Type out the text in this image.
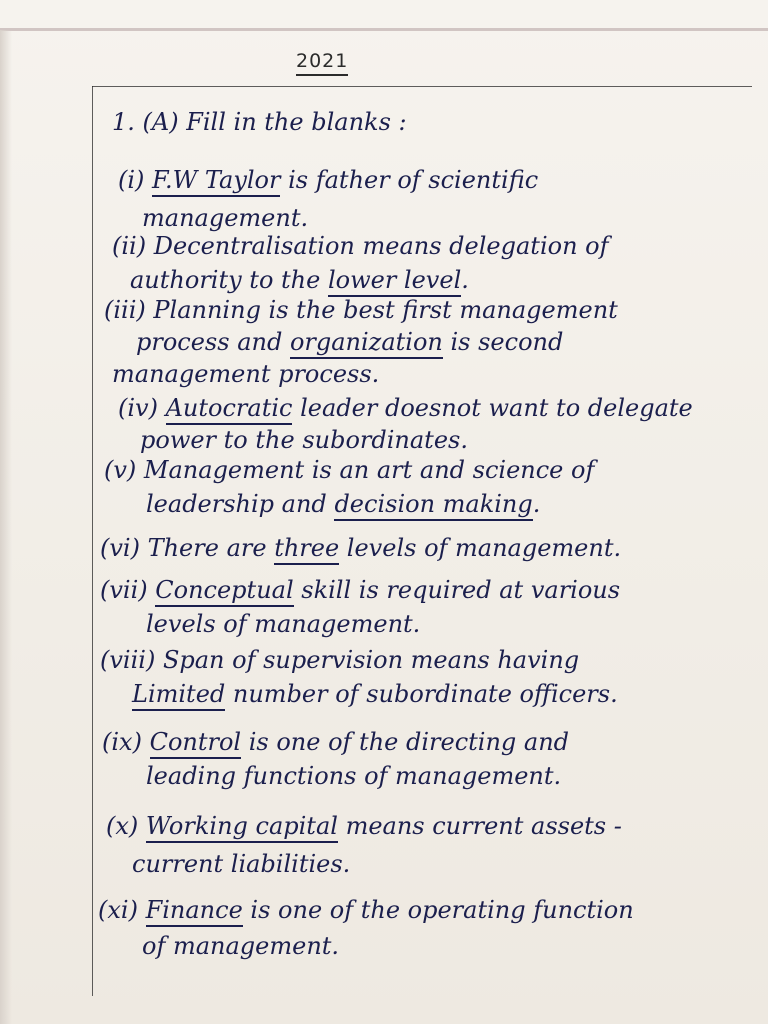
2021
1. (A) Fill in the blanks :
(i) F.W Taylor is father of scientific
management.
(ii) Decentralisation means delegation of
authority to the lower level.
(iii) Planning is the best first management
process and organization is second
management process.
(iv) Autocratic leader doesnot want to delegate
power to the subordinates.
(v) Management is an art and science of
leadership and decision making.
(vi) There are three levels of management.
(vii) Conceptual skill is required at various
levels of management.
(viii) Span of supervision means having
Limited number of subordinate officers.
(ix) Control is one of the directing and
leading functions of management.
(x) Working capital means current assets -
current liabilities.
(xi) Finance is one of the operating function
of management.
